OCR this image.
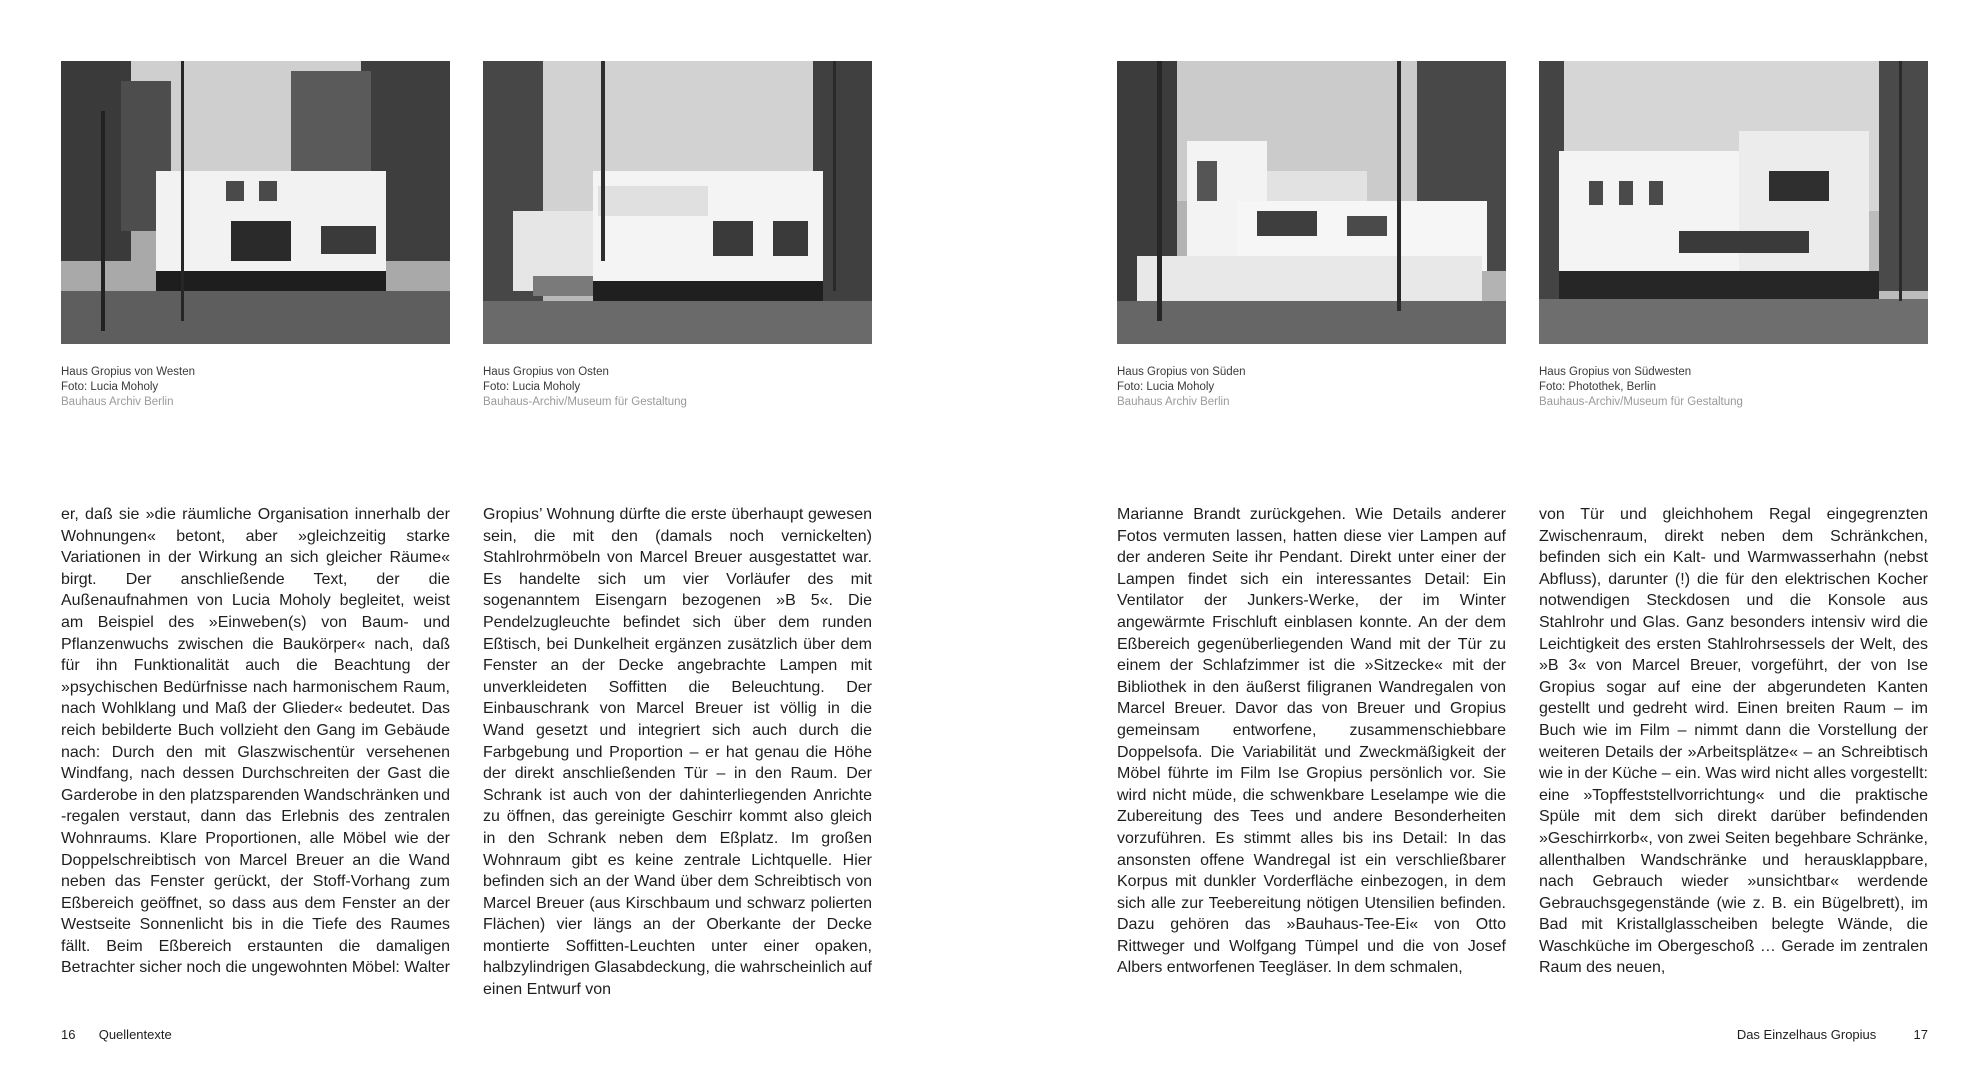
Haus Gropius von Westen
Foto: Lucia Moholy
Bauhaus Archiv Berlin
Haus Gropius von Osten
Foto: Lucia Moholy
Bauhaus-Archiv/Museum für Gestaltung
er, daß sie »die räumliche Organisation innerhalb der Wohnungen« betont, aber »gleichzeitig starke Variationen in der Wirkung an sich gleicher Räume« birgt. Der anschließende Text, der die Außenaufnahmen von Lucia Moholy begleitet, weist am Beispiel des »Einweben(s) von Baum- und Pflanzenwuchs zwischen die Baukörper« nach, daß für ihn Funktionalität auch die Beachtung der »psychischen Bedürfnisse nach harmonischem Raum, nach Wohlklang und Maß der Glieder« bedeutet. Das reich bebilderte Buch vollzieht den Gang im Gebäude nach: Durch den mit Glaszwischentür versehenen Windfang, nach dessen Durchschreiten der Gast die Garderobe in den platzsparenden Wandschränken und -regalen verstaut, dann das Erlebnis des zentralen Wohnraums. Klare Proportionen, alle Möbel wie der Doppelschreibtisch von Marcel Breuer an die Wand neben das Fenster gerückt, der Stoff-Vorhang zum Eßbereich geöffnet, so dass aus dem Fenster an der Westseite Sonnenlicht bis in die Tiefe des Raumes fällt. Beim Eßbereich erstaunten die damaligen Betrachter sicher noch die ungewohnten Möbel: Walter
Gropius’ Wohnung dürfte die erste überhaupt gewesen sein, die mit den (damals noch vernickelten) Stahlrohrmöbeln von Marcel Breuer ausgestattet war. Es handelte sich um vier Vorläufer des mit sogenanntem Eisengarn bezogenen »B 5«. Die Pendelzugleuchte befindet sich über dem runden Eßtisch, bei Dunkelheit ergänzen zusätzlich über dem Fenster an der Decke angebrachte Lampen mit unverkleideten Soffitten die Beleuchtung. Der Einbauschrank von Marcel Breuer ist völlig in die Wand gesetzt und integriert sich auch durch die Farbgebung und Proportion – er hat genau die Höhe der direkt anschließenden Tür – in den Raum. Der Schrank ist auch von der dahinterliegenden Anrichte zu öffnen, das gereinigte Geschirr kommt also gleich in den Schrank neben dem Eßplatz. Im großen Wohnraum gibt es keine zentrale Lichtquelle. Hier befinden sich an der Wand über dem Schreibtisch von Marcel Breuer (aus Kirschbaum und schwarz polierten Flächen) vier längs an der Oberkante der Decke montierte Soffitten-Leuchten unter einer opaken, halbzylindrigen Glasabdeckung, die wahrscheinlich auf einen Entwurf von
16 Quellentexte
Haus Gropius von Süden
Foto: Lucia Moholy
Bauhaus Archiv Berlin
Haus Gropius von Südwesten
Foto: Photothek, Berlin
Bauhaus-Archiv/Museum für Gestaltung
Marianne Brandt zurückgehen. Wie Details anderer Fotos vermuten lassen, hatten diese vier Lampen auf der anderen Seite ihr Pendant. Direkt unter einer der Lampen findet sich ein interessantes Detail: Ein Ventilator der Junkers-Werke, der im Winter angewärmte Frischluft einblasen konnte. An der dem Eßbereich gegenüberliegenden Wand mit der Tür zu einem der Schlafzimmer ist die »Sitzecke« mit der Bibliothek in den äußerst filigranen Wandregalen von Marcel Breuer. Davor das von Breuer und Gropius gemeinsam entworfene, zusammenschiebbare Doppelsofa. Die Variabilität und Zweckmäßigkeit der Möbel führte im Film Ise Gropius persönlich vor. Sie wird nicht müde, die schwenkbare Leselampe wie die Zubereitung des Tees und andere Besonderheiten vorzuführen. Es stimmt alles bis ins Detail: In das ansonsten offene Wandregal ist ein verschließbarer Korpus mit dunkler Vorderfläche einbezogen, in dem sich alle zur Teebereitung nötigen Utensilien befinden. Dazu gehören das »Bauhaus-Tee-Ei« von Otto Rittweger und Wolfgang Tümpel und die von Josef Albers entworfenen Teegläser. In dem schmalen,
von Tür und gleichhohem Regal eingegrenzten Zwischenraum, direkt neben dem Schränkchen, befinden sich ein Kalt- und Warmwasserhahn (nebst Abfluss), darunter (!) die für den elektrischen Kocher notwendigen Steckdosen und die Konsole aus Stahlrohr und Glas. Ganz besonders intensiv wird die Leichtigkeit des ersten Stahlrohrsessels der Welt, des »B 3« von Marcel Breuer, vorgeführt, der von Ise Gropius sogar auf eine der abgerundeten Kanten gestellt und gedreht wird. Einen breiten Raum – im Buch wie im Film – nimmt dann die Vorstellung der weiteren Details der »Arbeitsplätze« – an Schreibtisch wie in der Küche – ein. Was wird nicht alles vorgestellt: eine »Topffeststellvorrichtung« und die praktische Spüle mit dem sich direkt darüber befindenden »Geschirrkorb«, von zwei Seiten begehbare Schränke, allenthalben Wandschränke und herausklappbare, nach Gebrauch wieder »unsichtbar« werdende Gebrauchsgegenstände (wie z. B. ein Bügelbrett), im Bad mit Kristallglasscheiben belegte Wände, die Waschküche im Obergeschoß … Gerade im zentralen Raum des neuen,
Das Einzelhaus Gropius	17
